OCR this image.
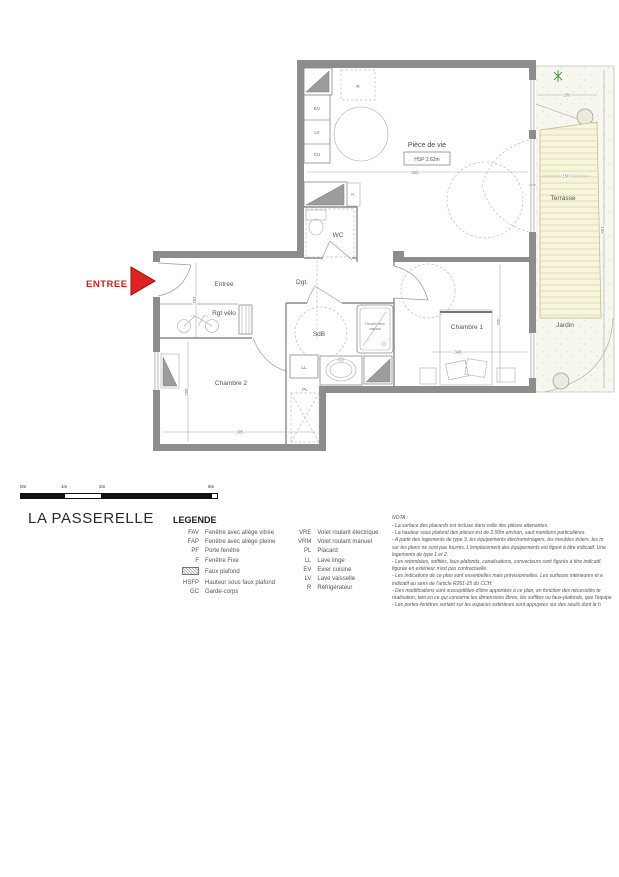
Jardin
Terrasse
EV
LV
CU
R
Pièce de vie
HSP 2.62m
PL
WC
Entrée	Dgt.
Rgt vélo
Chambre 2
PL
SdB
Douche zéro
ressaut
LL
Chambre 1
800
200
150
651
348
320
305
290
203
ENTREE
0m	1m	2m	5m
LA PASSERELLE LEGENDE
FAV	Fenêtre avec allège vitrée
FAP	Fenêtre avec allège pleine
PF	Porte fenêtre
F	Fenêtre Fixe
Faux plafond
HSFP	Hauteur sous faux plafond
GC	Garde-corps
VRE	Volet roulant électrique
VRM	Volet roulant manuel
PL	Placard
LL	Lave linge
EV	Evier cuisine
LV	Lave vaisselle
R	Réfrigérateur
NOTA :
- La surface des placards est incluse dans celle des pièces attenantes.
- La hauteur sous plafond des pièces est de 2.50m environ, sauf mentions particulières.
- A partir des logements de type 3, les équipements électroménagers, les meubles éviers, les m
sur les plans ne sont pas fournis. L'emplacement des équipements est figuré à titre indicatif. Une
logements de type 1 et 2.
- Les retombées, soffites, faux-plafonds, canalisations, convecteurs sont figurés à titre indicatif.
figurée en extérieur n'est pas contractuelle.
- Les indications de ce plan sont essentielles mais prévisionnelles. Les surfaces intérieures et e
indicatif au sens de l'article R261-25 du CCH.
- Des modifications sont susceptibles d'être apportées à ce plan, en fonction des nécessités te
réalisation, tant en ce qui concerne les dimensions libres, les soffites ou faux-plafonds, que l'équipe
- Les portes-fenêtres sortant sur les espaces extérieurs sont appuyées sur des seuils dont la h
